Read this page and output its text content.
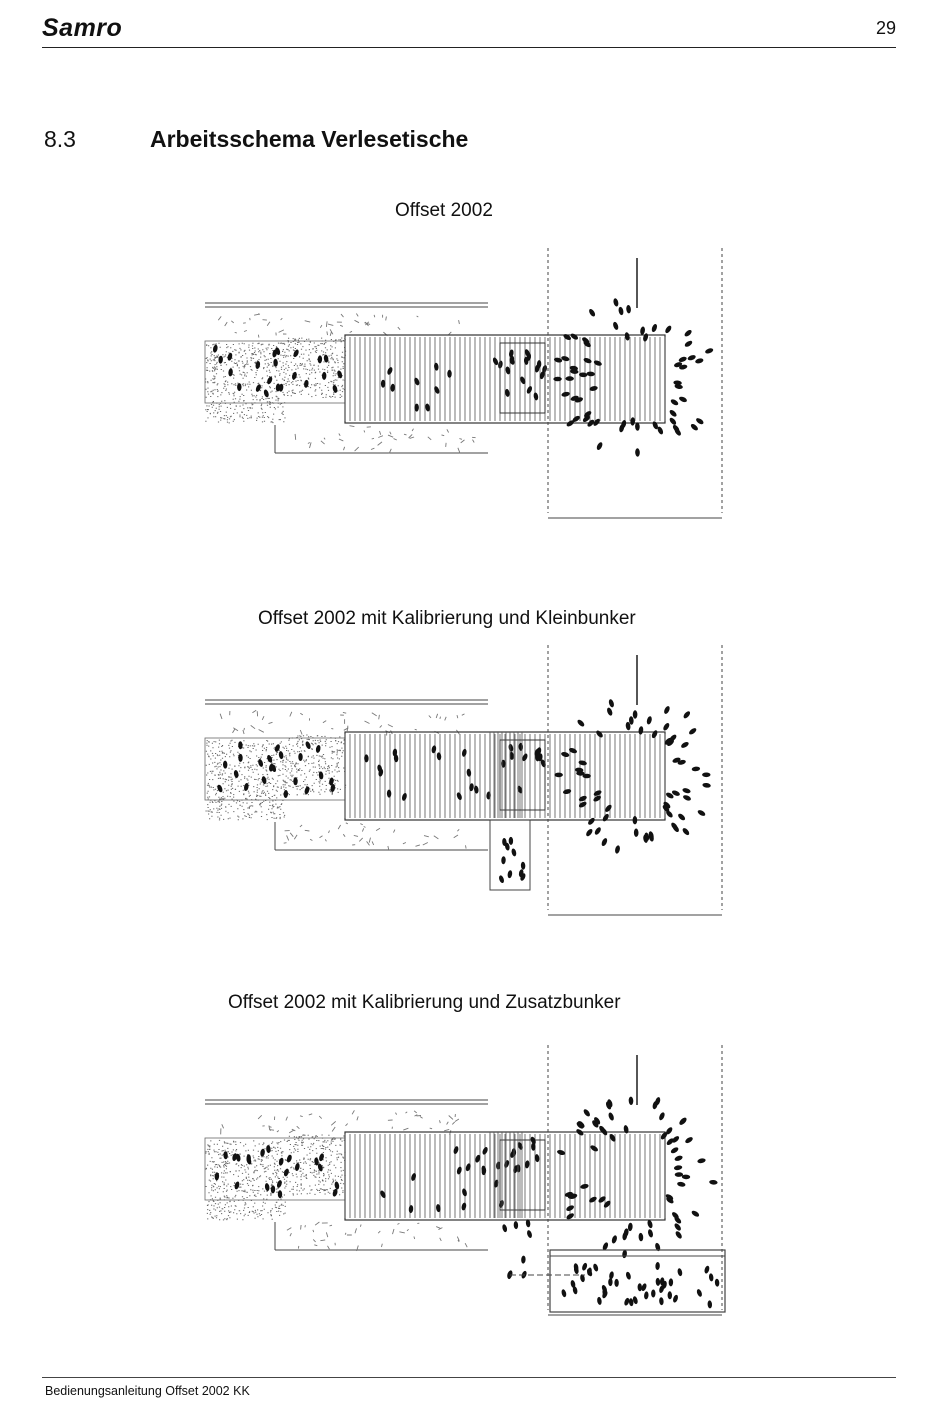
Samro	29
8.3	Arbeitsschema Verlesetische
Offset 2002
Offset 2002 mit Kalibrierung und Kleinbunker
Offset 2002 mit Kalibrierung und Zusatzbunker
Bedienungsanleitung Offset 2002 KK
